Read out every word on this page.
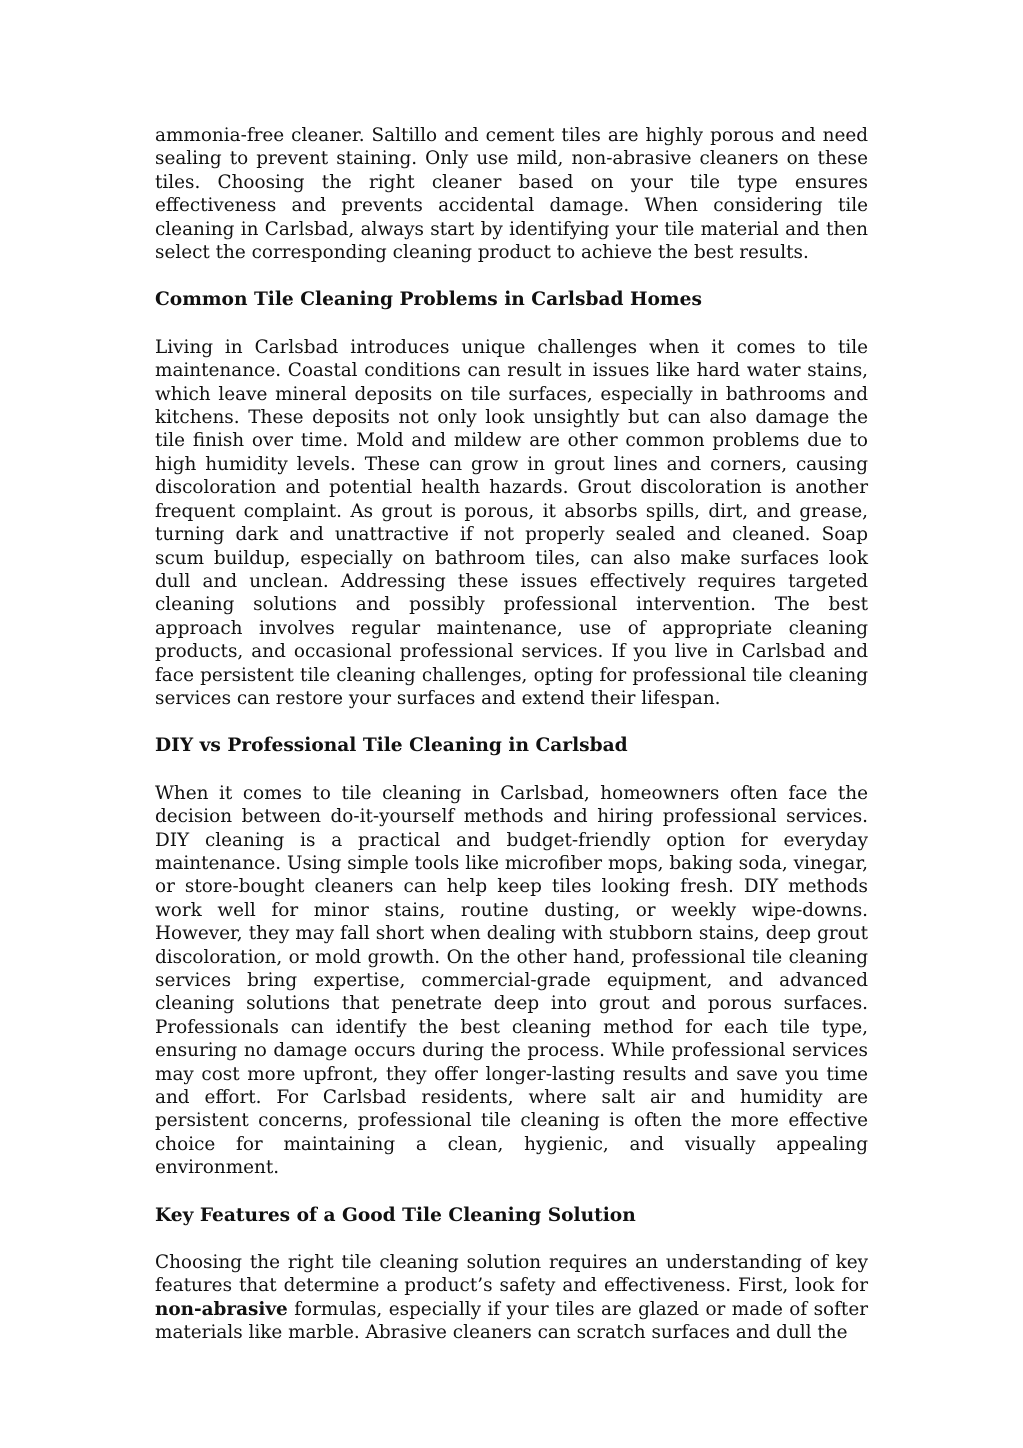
ammonia-free cleaner. Saltillo and cement tiles are highly porous and need sealing to prevent staining. Only use mild, non-abrasive cleaners on these tiles. Choosing the right cleaner based on your tile type ensures effectiveness and prevents accidental damage. When considering tile cleaning in Carlsbad, always start by identifying your tile material and then select the corresponding cleaning product to achieve the best results.

Common Tile Cleaning Problems in Carlsbad Homes

Living in Carlsbad introduces unique challenges when it comes to tile maintenance. Coastal conditions can result in issues like hard water stains, which leave mineral deposits on tile surfaces, especially in bathrooms and kitchens. These deposits not only look unsightly but can also damage the tile finish over time. Mold and mildew are other common problems due to high humidity levels. These can grow in grout lines and corners, causing discoloration and potential health hazards. Grout discoloration is another frequent complaint. As grout is porous, it absorbs spills, dirt, and grease, turning dark and unattractive if not properly sealed and cleaned. Soap scum buildup, especially on bathroom tiles, can also make surfaces look dull and unclean. Addressing these issues effectively requires targeted cleaning solutions and possibly professional intervention. The best approach involves regular maintenance, use of appropriate cleaning products, and occasional professional services. If you live in Carlsbad and face persistent tile cleaning challenges, opting for professional tile cleaning services can restore your surfaces and extend their lifespan.

DIY vs Professional Tile Cleaning in Carlsbad

When it comes to tile cleaning in Carlsbad, homeowners often face the decision between do-it-yourself methods and hiring professional services. DIY cleaning is a practical and budget-friendly option for everyday maintenance. Using simple tools like microfiber mops, baking soda, vinegar, or store-bought cleaners can help keep tiles looking fresh. DIY methods work well for minor stains, routine dusting, or weekly wipe-downs. However, they may fall short when dealing with stubborn stains, deep grout discoloration, or mold growth. On the other hand, professional tile cleaning services bring expertise, commercial-grade equipment, and advanced cleaning solutions that penetrate deep into grout and porous surfaces. Professionals can identify the best cleaning method for each tile type, ensuring no damage occurs during the process. While professional services may cost more upfront, they offer longer-lasting results and save you time and effort. For Carlsbad residents, where salt air and humidity are persistent concerns, professional tile cleaning is often the more effective choice for maintaining a clean, hygienic, and visually appealing environment.

Key Features of a Good Tile Cleaning Solution

Choosing the right tile cleaning solution requires an understanding of key features that determine a product’s safety and effectiveness. First, look for non-abrasive formulas, especially if your tiles are glazed or made of softer materials like marble. Abrasive cleaners can scratch surfaces and dull the
